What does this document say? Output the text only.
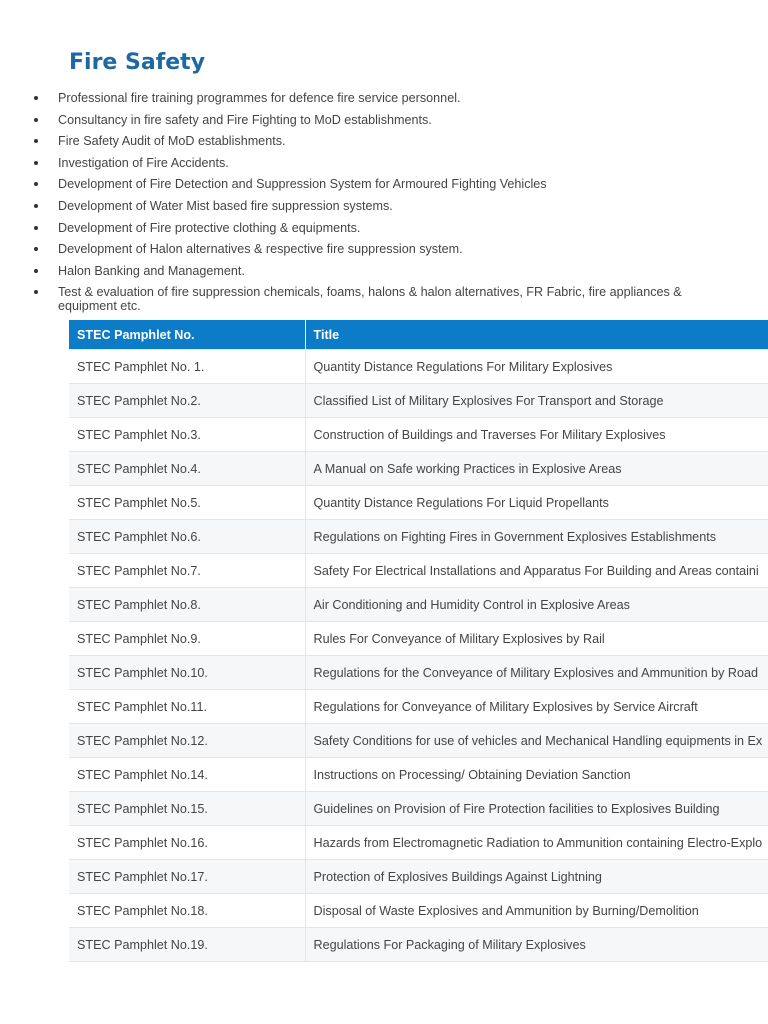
Fire Safety
Professional fire training programmes for defence fire service personnel.
Consultancy in fire safety and Fire Fighting to MoD establishments.
Fire Safety Audit of MoD establishments.
Investigation of Fire Accidents.
Development of Fire Detection and Suppression System for Armoured Fighting Vehicles
Development of Water Mist based fire suppression systems.
Development of Fire protective clothing & equipments.
Development of Halon alternatives & respective fire suppression system.
Halon Banking and Management.
Test & evaluation of fire suppression chemicals, foams, halons & halon alternatives, FR Fabric, fire appliances & equipment etc.
STEC Pamphlet No.	Title
STEC Pamphlet No. 1.	Quantity Distance Regulations For Military Explosives
STEC Pamphlet No.2.	Classified List of Military Explosives For Transport and Storage
STEC Pamphlet No.3.	Construction of Buildings and Traverses For Military Explosives
STEC Pamphlet No.4.	A Manual on Safe working Practices in Explosive Areas
STEC Pamphlet No.5.	Quantity Distance Regulations For Liquid Propellants
STEC Pamphlet No.6.	Regulations on Fighting Fires in Government Explosives Establishments
STEC Pamphlet No.7.	Safety For Electrical Installations and Apparatus For Building and Areas containi
STEC Pamphlet No.8.	Air Conditioning and Humidity Control in Explosive Areas
STEC Pamphlet No.9.	Rules For Conveyance of Military Explosives by Rail
STEC Pamphlet No.10.	Regulations for the Conveyance of Military Explosives and Ammunition by Road
STEC Pamphlet No.11.	Regulations for Conveyance of Military Explosives by Service Aircraft
STEC Pamphlet No.12.	Safety Conditions for use of vehicles and Mechanical Handling equipments in Ex
STEC Pamphlet No.14.	Instructions on Processing/ Obtaining Deviation Sanction
STEC Pamphlet No.15.	Guidelines on Provision of Fire Protection facilities to Explosives Building
STEC Pamphlet No.16.	Hazards from Electromagnetic Radiation to Ammunition containing Electro-Explo
STEC Pamphlet No.17.	Protection of Explosives Buildings Against Lightning
STEC Pamphlet No.18.	Disposal of Waste Explosives and Ammunition by Burning/Demolition
STEC Pamphlet No.19.	Regulations For Packaging of Military Explosives
